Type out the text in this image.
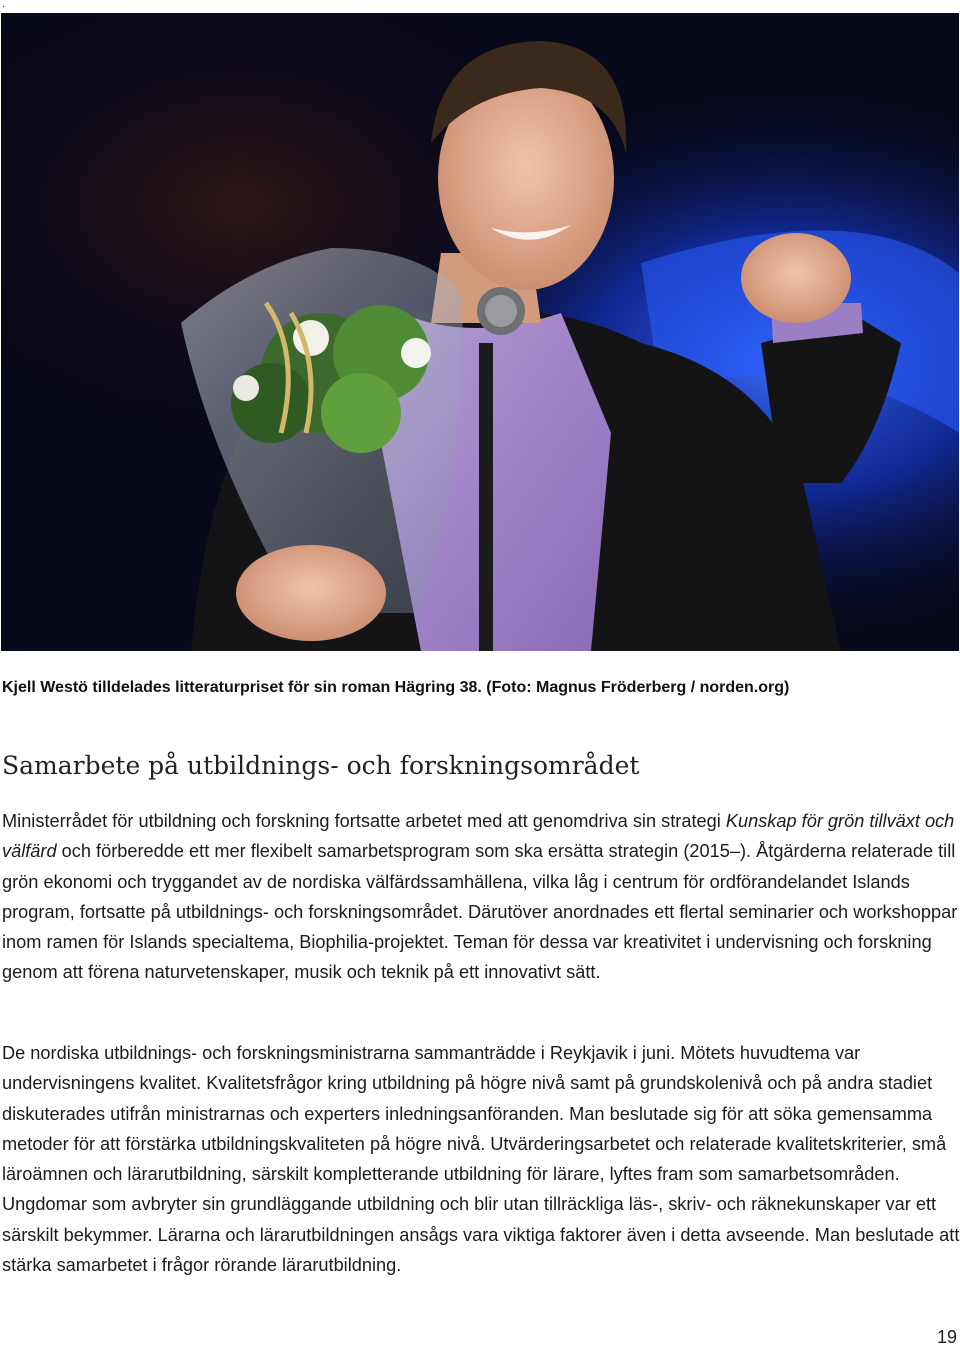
.
Kjell Westö tilldelades litteraturpriset för sin roman Hägring 38. (Foto: Magnus Fröderberg / norden.org)
Samarbete på utbildnings- och forskningsområdet

Ministerrådet för utbildning och forskning fortsatte arbetet med att genomdriva sin strategi Kunskap för grön tillväxt och välfärd och förberedde ett mer flexibelt samarbetsprogram som ska ersätta strategin (2015–). Åtgärderna relaterade till grön ekonomi och tryggandet av de nordiska välfärdssamhällena, vilka låg i centrum för ordförandelandet Islands program, fortsatte på utbildnings- och forskningsområdet. Därutöver anordnades ett flertal seminarier och workshoppar inom ramen för Islands specialtema, Biophilia-projektet. Teman för dessa var kreativitet i undervisning och forskning genom att förena naturvetenskaper, musik och teknik på ett innovativt sätt.

De nordiska utbildnings- och forskningsministrarna sammanträdde i Reykjavik i juni. Mötets huvudtema var undervisningens kvalitet. Kvalitetsfrågor kring utbildning på högre nivå samt på grundskolenivå och på andra stadiet diskuterades utifrån ministrarnas och experters inledningsanföranden. Man beslutade sig för att söka gemensamma metoder för att förstärka utbildningskvaliteten på högre nivå. Utvärderingsarbetet och relaterade kvalitetskriterier, små läroämnen och lärarutbildning, särskilt kompletterande utbildning för lärare, lyftes fram som samarbetsområden. Ungdomar som avbryter sin grundläggande utbildning och blir utan tillräckliga läs-, skriv- och räknekunskaper var ett särskilt bekymmer. Lärarna och lärarutbildningen ansågs vara viktiga faktorer även i detta avseende. Man beslutade att stärka samarbetet i frågor rörande lärarutbildning.

19
